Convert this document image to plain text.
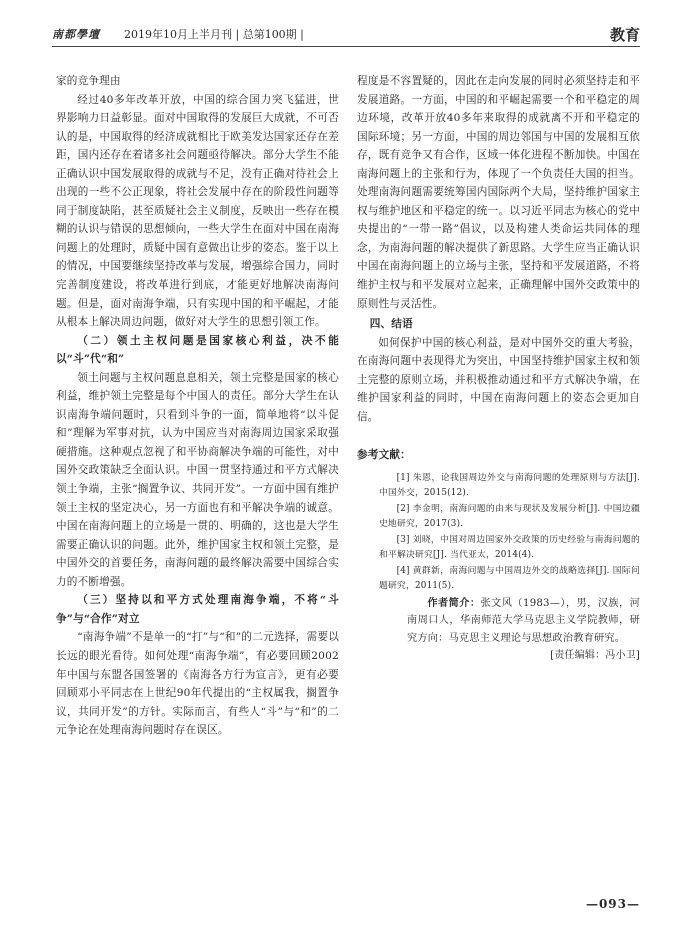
南都學壇 2019年10月上半月刊 | 总第100期 |	教育

家的竞争理由

经过40多年改革开放，中国的综合国力突飞猛进，世界影响力日益彰显。面对中国取得的发展巨大成就，不可否认的是，中国取得的经济成就相比于欧美发达国家还存在差距，国内还存在着诸多社会问题亟待解决。部分大学生不能正确认识中国发展取得的成就与不足，没有正确对待社会上出现的一些不公正现象，将社会发展中存在的阶段性问题等同于制度缺陷，甚至质疑社会主义制度，反映出一些存在模糊的认识与错误的思想倾向，一些大学生在面对中国在南海问题上的处理时，质疑中国有意做出让步的姿态。鉴于以上的情况，中国要继续坚持改革与发展，增强综合国力，同时完善制度建设，将改革进行到底，才能更好地解决南海问题。但是，面对南海争端，只有实现中国的和平崛起，才能从根本上解决周边问题，做好对大学生的思想引领工作。

（二）领土主权问题是国家核心利益，决不能以“斗”代“和”

领土问题与主权问题息息相关，领土完整是国家的核心利益，维护领土完整是每个中国人的责任。部分大学生在认识南海争端问题时，只看到斗争的一面，简单地将“以斗促和”理解为军事对抗，认为中国应当对南海周边国家采取强硬措施。这种观点忽视了和平协商解决争端的可能性，对中国外交政策缺乏全面认识。中国一贯坚持通过和平方式解决领土争端，主张“搁置争议、共同开发”。一方面中国有维护领土主权的坚定决心，另一方面也有和平解决争端的诚意。中国在南海问题上的立场是一贯的、明确的，这也是大学生需要正确认识的问题。此外，维护国家主权和领土完整，是中国外交的首要任务，南海问题的最终解决需要中国综合实力的不断增强。

（三）坚持以和平方式处理南海争端，不将“斗争”与“合作”对立

“南海争端”不是单一的“打”与“和”的二元选择，需要以长远的眼光看待。如何处理“南海争端”，有必要回顾2002年中国与东盟各国签署的《南海各方行为宣言》，更有必要回顾邓小平同志在上世纪90年代提出的“主权属我，搁置争议，共同开发”的方针。实际而言，有些人“斗”与“和”的二元争论在处理南海问题时存在误区。

程度是不容置疑的，因此在走向发展的同时必须坚持走和平发展道路。一方面，中国的和平崛起需要一个和平稳定的周边环境，改革开放40多年来取得的成就离不开和平稳定的国际环境；另一方面，中国的周边邻国与中国的发展相互依存，既有竞争又有合作，区域一体化进程不断加快。中国在南海问题上的主张和行为，体现了一个负责任大国的担当。处理南海问题需要统筹国内国际两个大局，坚持维护国家主权与维护地区和平稳定的统一。以习近平同志为核心的党中央提出的“一带一路”倡议，以及构建人类命运共同体的理念，为南海问题的解决提供了新思路。大学生应当正确认识中国在南海问题上的立场与主张，坚持和平发展道路，不将维护主权与和平发展对立起来，正确理解中国外交政策中的原则性与灵活性。

四、结语

如何保护中国的核心利益，是对中国外交的重大考验，在南海问题中表现得尤为突出，中国坚持维护国家主权和领土完整的原则立场，并积极推动通过和平方式解决争端，在维护国家利益的同时，中国在南海问题上的姿态会更加自信。

参考文献：

[1] 朱恩，论我国周边外交与南海问题的处理原则与方法[J]. 中国外交，2015(12).

[2] 李金明，南海问题的由来与现状及发展分析[J]. 中国边疆史地研究，2017(3).

[3] 刘晓，中国对周边国家外交政策的历史经验与南海问题的和平解决研究[J]. 当代亚太，2014(4).

[4] 黄群新，南海问题与中国周边外交的战略选择[J]. 国际问题研究，2011(5).

作者简介：张文风（1983—），男，汉族，河南周口人，华南师范大学马克思主义学院教师，研究方向：马克思主义理论与思想政治教育研究。

[责任编辑：冯小卫]

—093—
